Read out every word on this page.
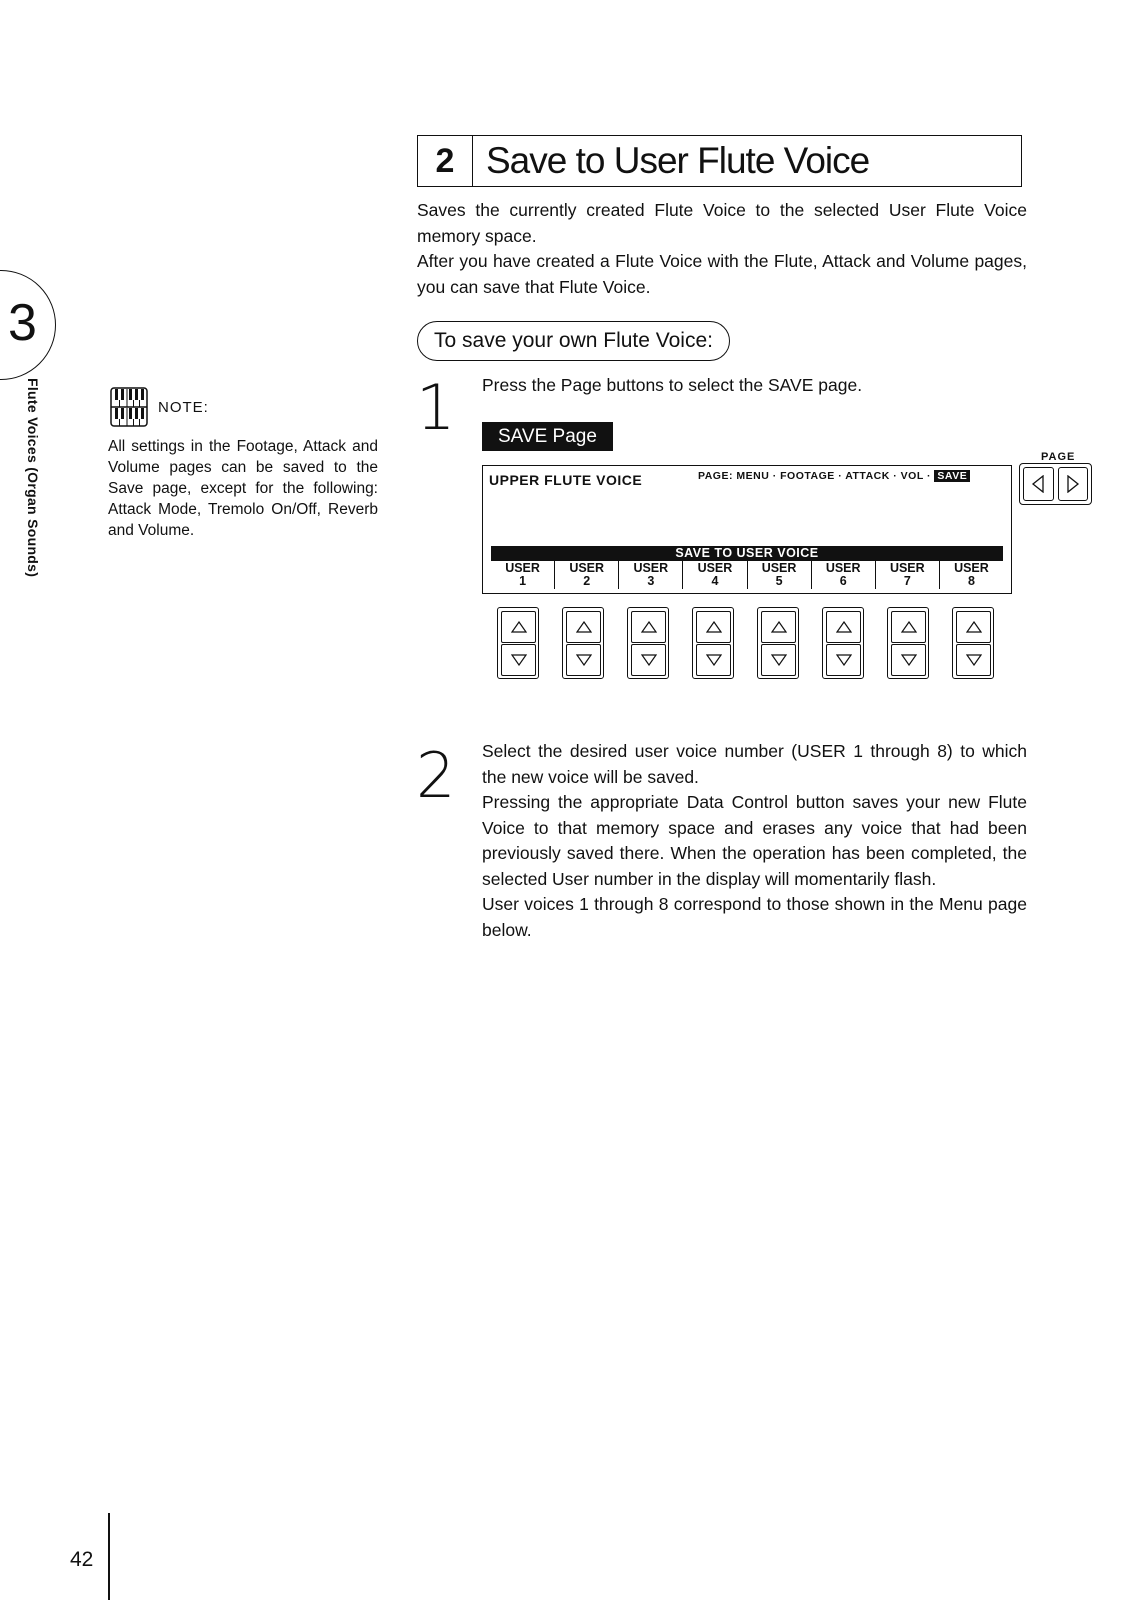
3
Flute Voices (Organ Sounds)
2 Save to User Flute Voice

Saves the currently created Flute Voice to the selected User Flute Voice memory space.

After you have created a Flute Voice with the Flute, Attack and Volume pages, you can save that Flute Voice.

To save your own Flute Voice:
NOTE:
All settings in the Footage, Attack and Volume pages can be saved to the Save page, except for the following: Attack Mode, Tremolo On/Off, Reverb and Volume.
1 Press the Page buttons to select the SAVE page.
SAVE Page
UPPER FLUTE VOICE	PAGE: MENU · FOOTAGE · ATTACK · VOL · SAVE
SAVE TO USER VOICE
USER
1
USER
2
USER
3
USER
4
USER
5
USER
6
USER
7
USER
8
PAGE
2 Select the desired user voice number (USER 1 through 8) to which the new voice will be saved.

Pressing the appropriate Data Control button saves your new Flute Voice to that memory space and erases any voice that had been previously saved there. When the operation has been completed, the selected User number in the display will momentarily flash.

User voices 1 through 8 correspond to those shown in the Menu page below.

42
